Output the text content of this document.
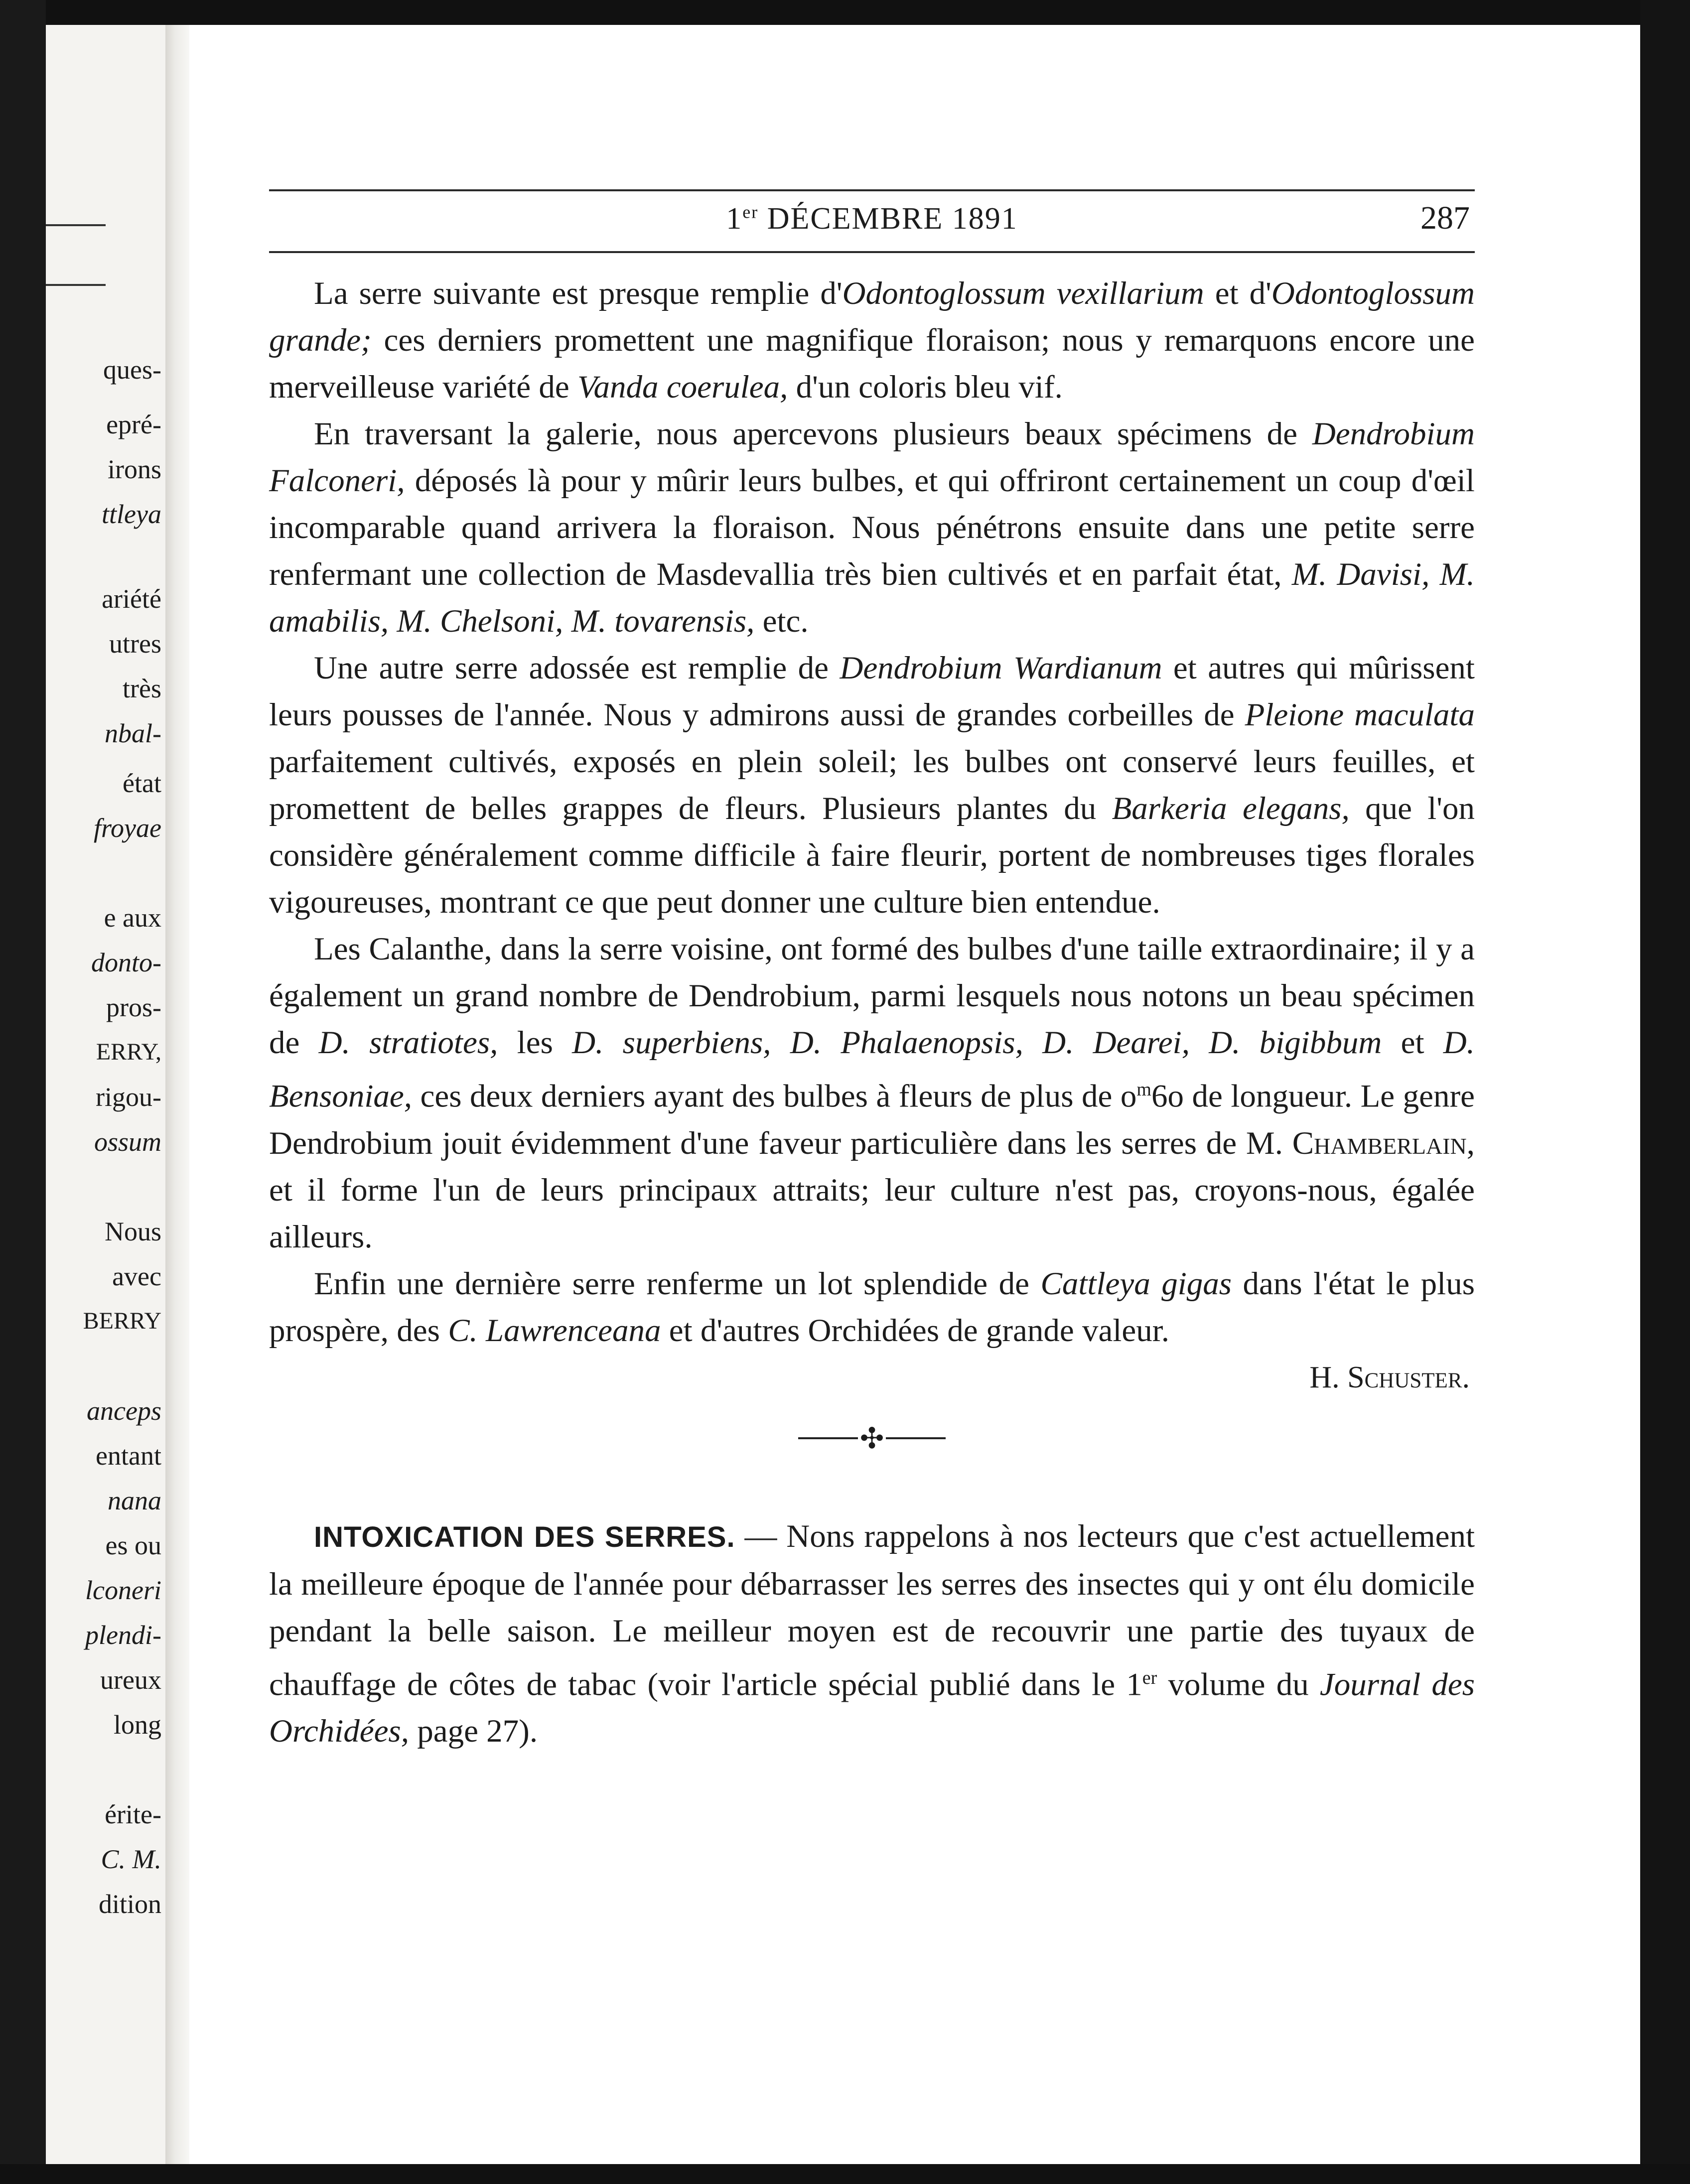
ques-
epré-
irons
ttleya
ariété
utres
très
nbal-
état
froyae
e aux
donto-
pros-
ERRY,
rigou-
ossum
Nous
avec
BERRY
anceps
entant
nana
es ou
lconeri
plendi-
ureux
long
érite-
C. M.
dition
1er DÉCEMBRE 1891	287

La serre suivante est presque remplie d'Odontoglossum vexillarium et d'Odontoglossum grande; ces derniers promettent une magnifique floraison; nous y remarquons encore une merveilleuse variété de Vanda coerulea, d'un coloris bleu vif.

En traversant la galerie, nous apercevons plusieurs beaux spécimens de Dendrobium Falconeri, déposés là pour y mûrir leurs bulbes, et qui offriront certainement un coup d'œil incomparable quand arrivera la floraison. Nous pénétrons ensuite dans une petite serre renfermant une collection de Masdevallia très bien cultivés et en parfait état, M. Davisi, M. amabilis, M. Chelsoni, M. tovarensis, etc.

Une autre serre adossée est remplie de Dendrobium Wardianum et autres qui mûrissent leurs pousses de l'année. Nous y admirons aussi de grandes corbeilles de Pleione maculata parfaitement cultivés, exposés en plein soleil; les bulbes ont conservé leurs feuilles, et promettent de belles grappes de fleurs. Plusieurs plantes du Barkeria elegans, que l'on considère généralement comme difficile à faire fleurir, portent de nombreuses tiges florales vigoureuses, montrant ce que peut donner une culture bien entendue.

Les Calanthe, dans la serre voisine, ont formé des bulbes d'une taille extraordinaire; il y a également un grand nombre de Dendrobium, parmi lesquels nous notons un beau spécimen de D. stratiotes, les D. superbiens, D. Phalaenopsis, D. Dearei, D. bigibbum et D. Bensoniae, ces deux derniers ayant des bulbes à fleurs de plus de $o^m6o$ de longueur. Le genre Dendrobium jouit évidemment d'une faveur particulière dans les serres de M. Chamberlain, et il forme l'un de leurs principaux attraits; leur culture n'est pas, croyons-nous, égalée ailleurs.

Enfin une dernière serre renferme un lot splendide de Cattleya gigas dans l'état le plus prospère, des C. Lawrenceana et d'autres Orchidées de grande valeur.

H. Schuster.

✣

INTOXICATION DES SERRES. — Nons rappelons à nos lecteurs que c'est actuellement la meilleure époque de l'année pour débarrasser les serres des insectes qui y ont élu domicile pendant la belle saison. Le meilleur moyen est de recouvrir une partie des tuyaux de chauffage de côtes de tabac (voir l'article spécial publié dans le 1er volume du Journal des Orchidées, page 27).
